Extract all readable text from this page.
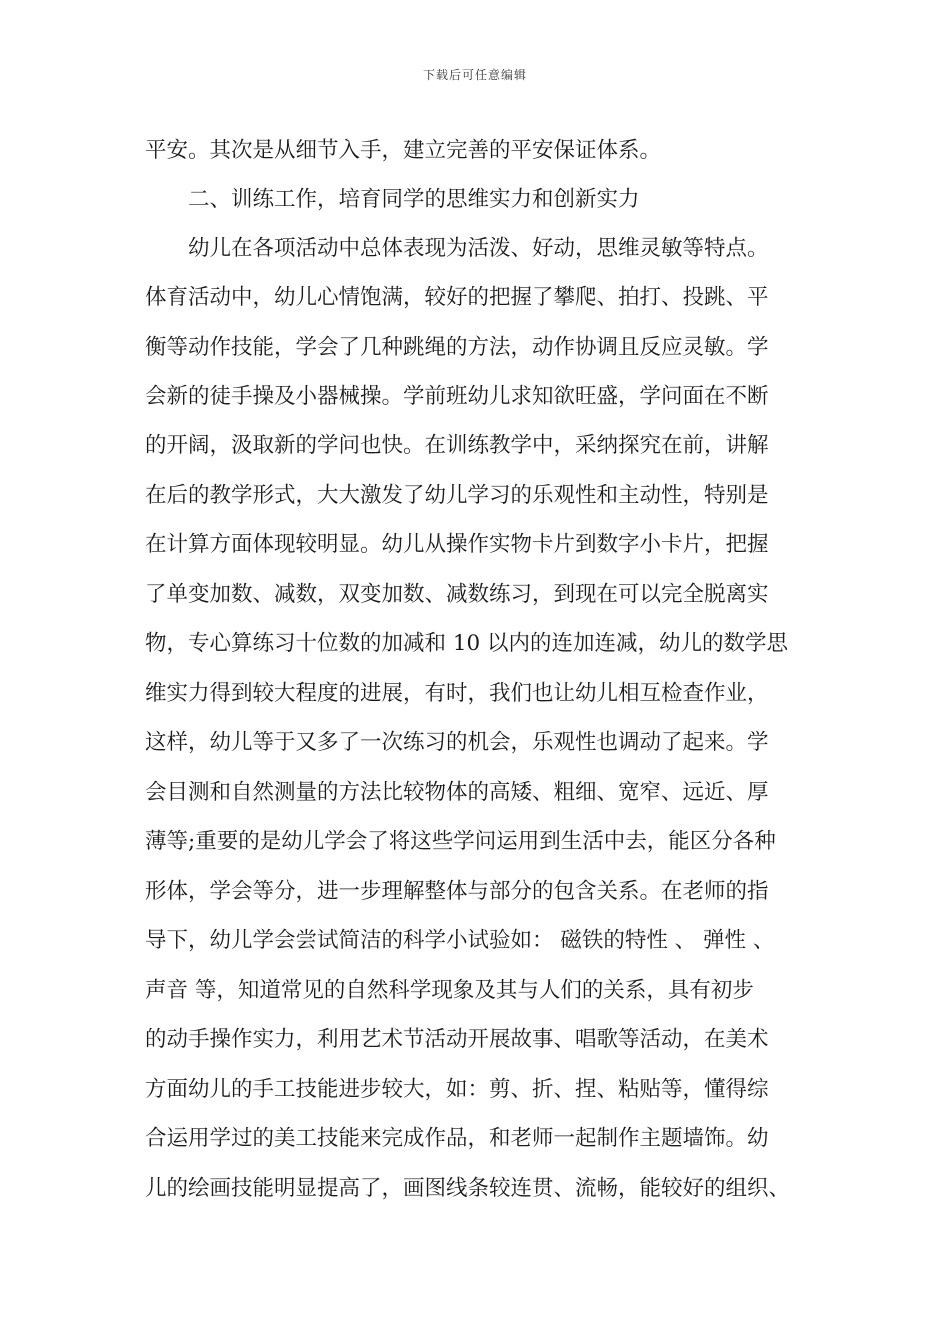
下载后可任意编辑
平安。其次是从细节入手，建立完善的平安保证体系。
二、训练工作，培育同学的思维实力和创新实力
幼儿在各项活动中总体表现为活泼、好动，思维灵敏等特点。
体育活动中，幼儿心情饱满，较好的把握了攀爬、拍打、投跳、平
衡等动作技能，学会了几种跳绳的方法，动作协调且反应灵敏。学
会新的徒手操及小器械操。学前班幼儿求知欲旺盛，学问面在不断
的开阔，汲取新的学问也快。在训练教学中，采纳探究在前，讲解
在后的教学形式，大大激发了幼儿学习的乐观性和主动性，特别是
在计算方面体现较明显。幼儿从操作实物卡片到数字小卡片，把握
了单变加数、减数，双变加数、减数练习，到现在可以完全脱离实
物，专心算练习十位数的加减和 10 以内的连加连减，幼儿的数学思
维实力得到较大程度的进展，有时，我们也让幼儿相互检查作业，
这样，幼儿等于又多了一次练习的机会，乐观性也调动了起来。学
会目测和自然测量的方法比较物体的高矮、粗细、宽窄、远近、厚
薄等;重要的是幼儿学会了将这些学问运用到生活中去，能区分各种
形体，学会等分，进一步理解整体与部分的包含关系。在老师的指
导下，幼儿学会尝试简洁的科学小试验如： 磁铁的特性 、 弹性 、
声音 等，知道常见的自然科学现象及其与人们的关系，具有初步
的动手操作实力，利用艺术节活动开展故事、唱歌等活动，在美术
方面幼儿的手工技能进步较大，如：剪、折、捏、粘贴等，懂得综
合运用学过的美工技能来完成作品，和老师一起制作主题墙饰。幼
儿的绘画技能明显提高了，画图线条较连贯、流畅，能较好的组织、
